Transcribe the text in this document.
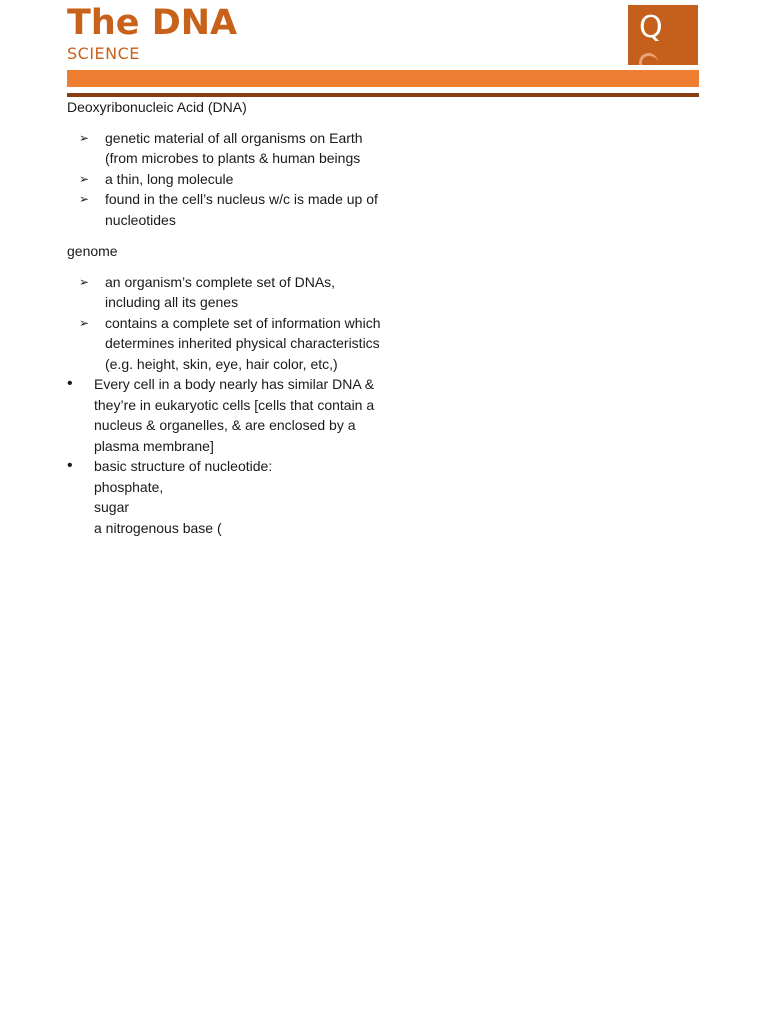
The DNA
SCIENCE
Q

Deoxyribonucleic Acid (DNA)

➢ genetic material of all organisms on Earth (from microbes to plants & human beings
➢ a thin, long molecule
➢ found in the cell’s nucleus w/c is made up of nucleotides

genome

➢ an organism’s complete set of DNAs, including all its genes
➢ contains a complete set of information which determines inherited physical characteristics (e.g. height, skin, eye, hair color, etc,)
• Every cell in a body nearly has similar DNA & they’re in eukaryotic cells [cells that contain a nucleus & organelles, & are enclosed by a plasma membrane]
• basic structure of nucleotide:
phosphate,
sugar
a nitrogenous base (
